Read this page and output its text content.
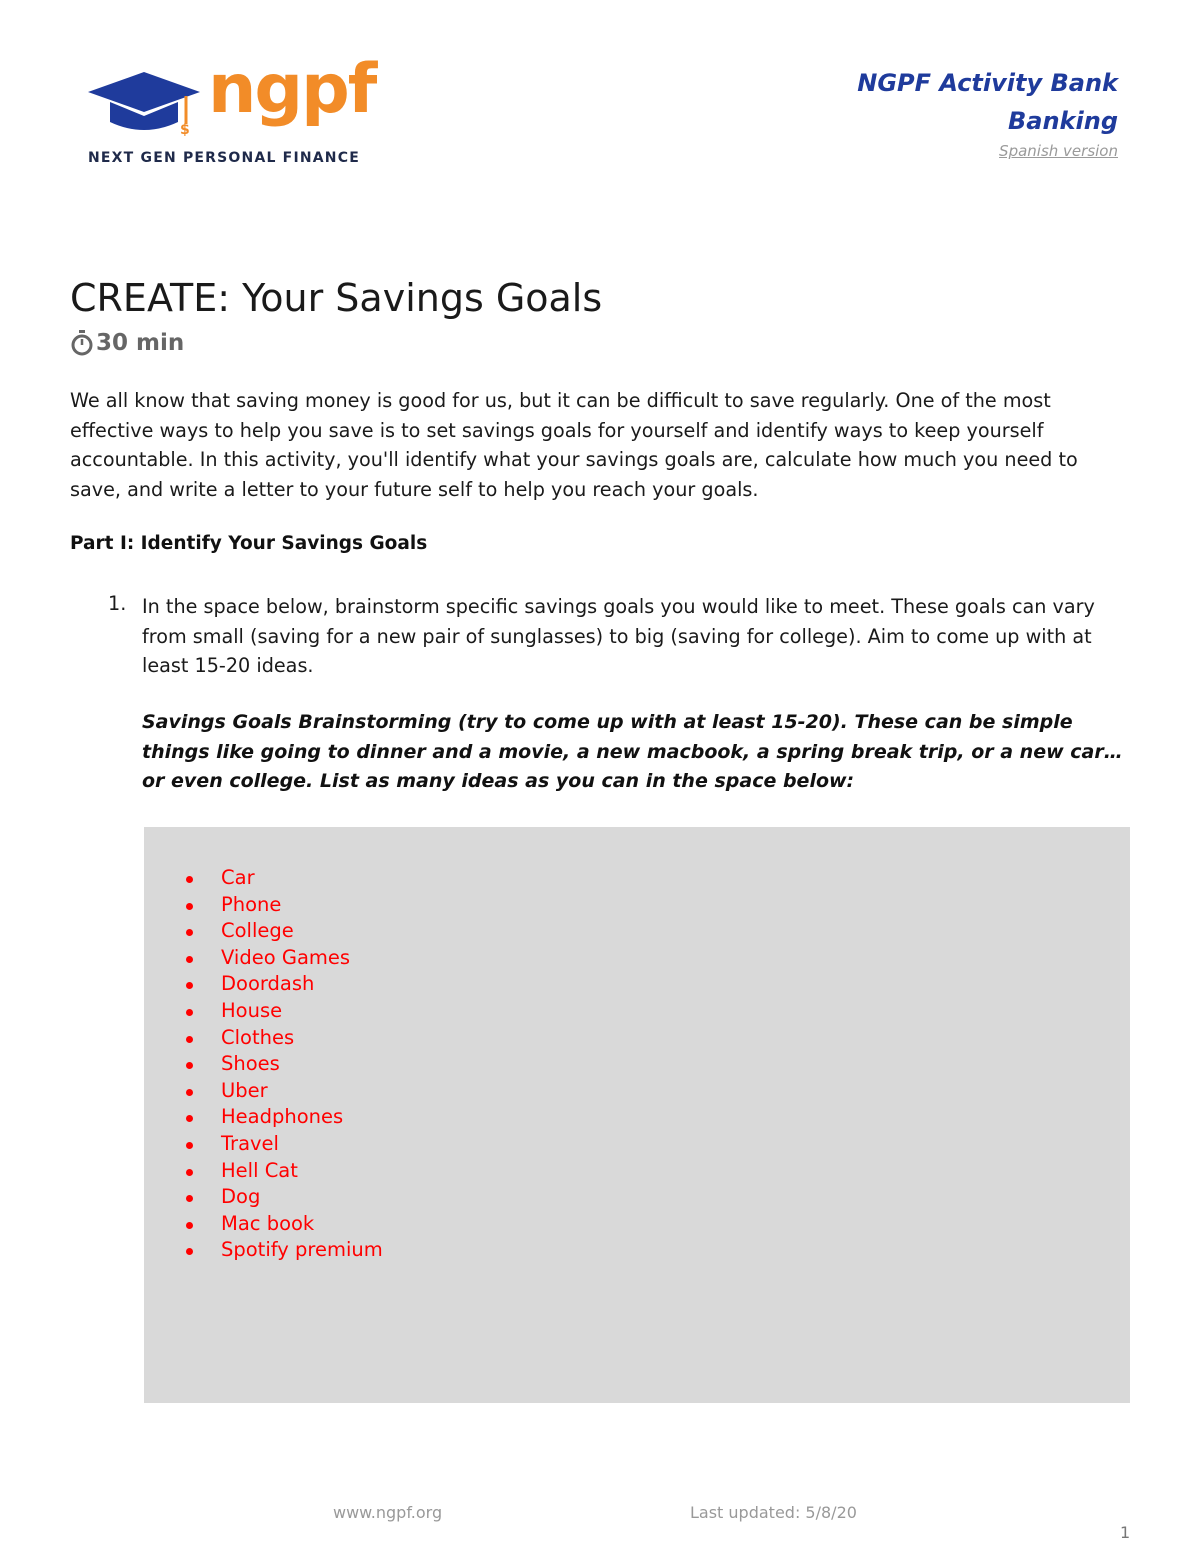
$
ngpf
NEXT GEN PERSONAL FINANCE
NGPF Activity Bank
Banking
Spanish version
CREATE: Your Savings Goals
30 min
We all know that saving money is good for us, but it can be difficult to save regularly. One of the most effective ways to help you save is to set savings goals for yourself and identify ways to keep yourself accountable. In this activity, you'll identify what your savings goals are, calculate how much you need to save, and write a letter to your future self to help you reach your goals.
Part I: Identify Your Savings Goals
1. In the space below, brainstorm specific savings goals you would like to meet. These goals can vary from small (saving for a new pair of sunglasses) to big (saving for college). Aim to come up with at least 15-20 ideas.
Savings Goals Brainstorming (try to come up with at least 15-20). These can be simple things like going to dinner and a movie, a new macbook, a spring break trip, or a new car… or even college. List as many ideas as you can in the space below:
Car
Phone
College
Video Games
Doordash
House
Clothes
Shoes
Uber
Headphones
Travel
Hell Cat
Dog
Mac book
Spotify premium
www.ngpf.org	Last updated: 5/8/20
1
